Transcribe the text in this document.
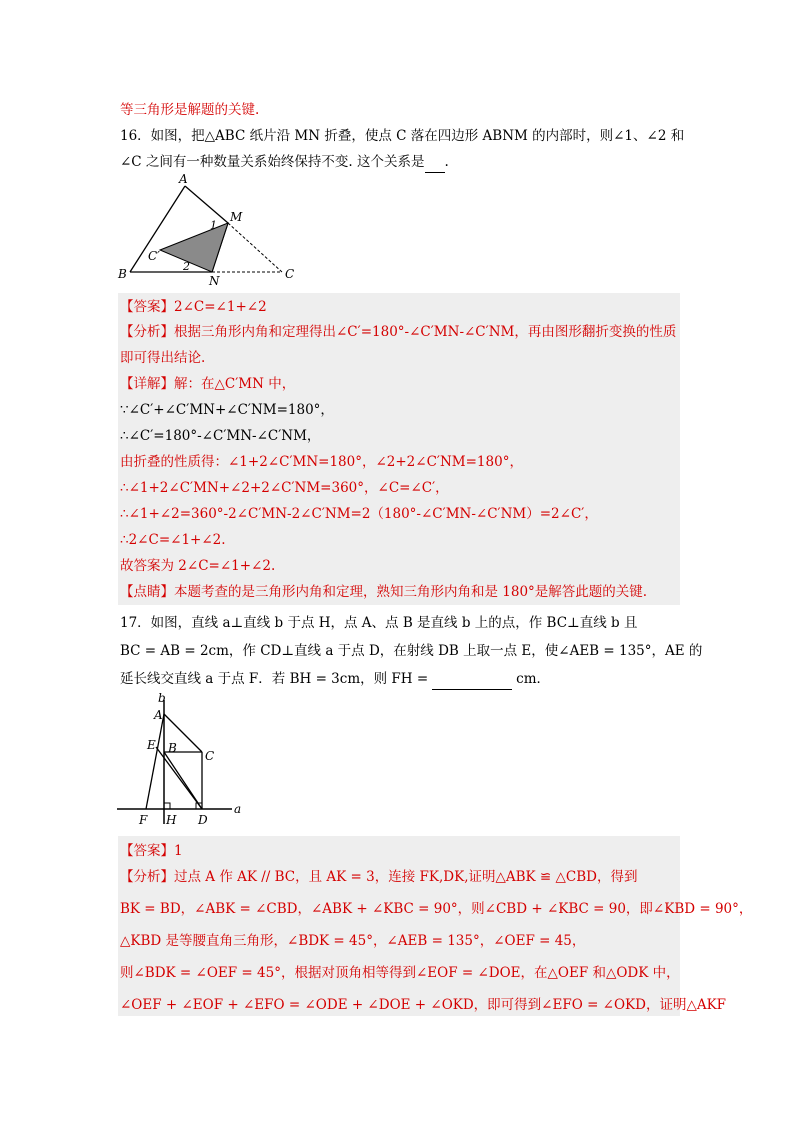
等三角形是解题的关键.
16．如图，把△ABC 纸片沿 MN 折叠，使点 C 落在四边形 ABNM 的内部时，则∠1、∠2 和
∠C 之间有一种数量关系始终保持不变. 这个关系是 .
A
B	C
C′
M
N
1
2
【答案】2∠C=∠1+∠2
【分析】根据三角形内角和定理得出∠C′=180°-∠C′MN-∠C′NM，再由图形翻折变换的性质
即可得出结论.
【详解】解：在△C′MN 中，
∵∠C′+∠C′MN+∠C′NM=180°，
∴∠C′=180°-∠C′MN-∠C′NM，
由折叠的性质得：∠1+2∠C′MN=180°，∠2+2∠C′NM=180°，
∴∠1+2∠C′MN+∠2+2∠C′NM=360°，∠C=∠C′，
∴∠1+∠2=360°-2∠C′MN-2∠C′NM=2（180°-∠C′MN-∠C′NM）=2∠C′，
∴2∠C=∠1+∠2.
故答案为 2∠C=∠1+∠2.
【点睛】本题考查的是三角形内角和定理，熟知三角形内角和是 180°是解答此题的关键.
17．如图，直线 a⊥直线 b 于点 H，点 A、点 B 是直线 b 上的点，作 BC⊥直线 b 且
BC = AB = 2cm，作 CD⊥直线 a 于点 D，在射线 DB 上取一点 E，使∠AEB = 135°，AE 的
延长线交直线 a 于点 F．若 BH = 3cm，则 FH =	cm．
b
a
A
E B
C
F H D
【答案】1
【分析】过点 A 作 AK // BC，且 AK = 3，连接 FK,DK,证明△ABK ≌ △CBD，得到
BK = BD，∠ABK = ∠CBD，∠ABK + ∠KBC = 90°，则∠CBD + ∠KBC = 90，即∠KBD = 90°，
△KBD 是等腰直角三角形，∠BDK = 45°，∠AEB = 135°，∠OEF = 45，
则∠BDK = ∠OEF = 45°，根据对顶角相等得到∠EOF = ∠DOE，在△OEF 和△ODK 中，
∠OEF + ∠EOF + ∠EFO = ∠ODE + ∠DOE + ∠OKD，即可得到∠EFO = ∠OKD，证明△AKF
